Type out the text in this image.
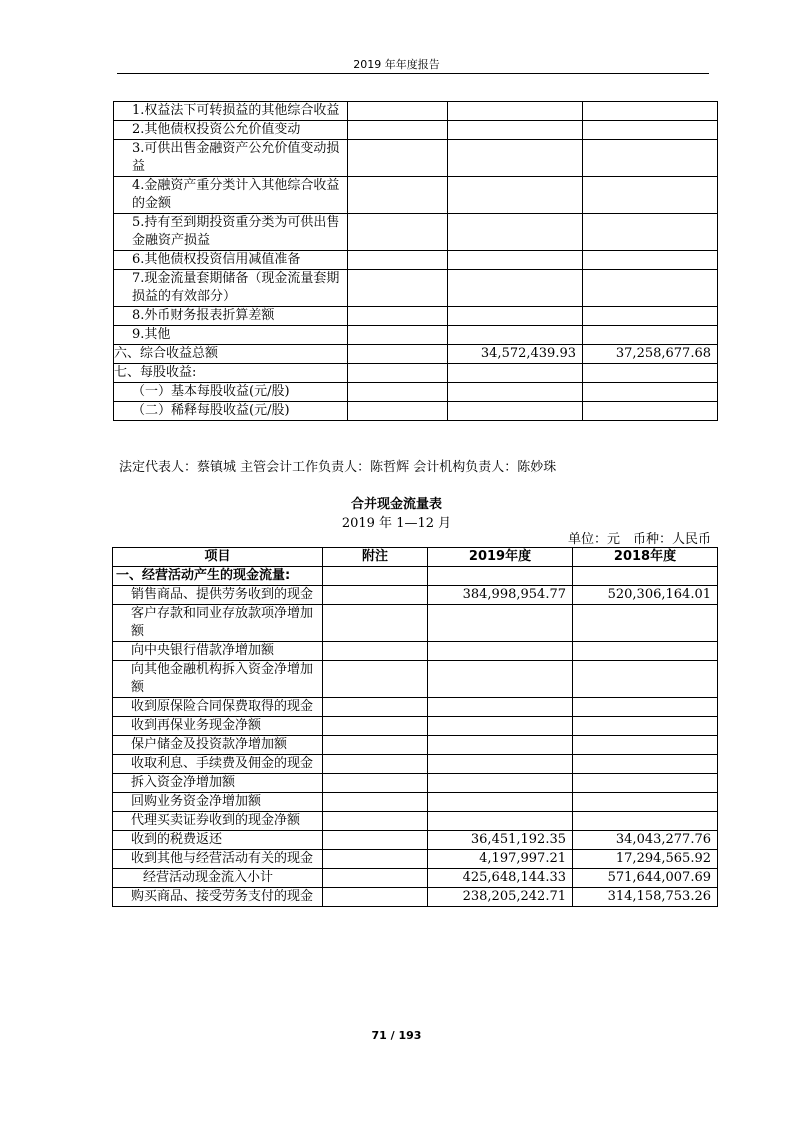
2019 年年度报告
1.权益法下可转损益的其他综合收益			
2.其他债权投资公允价值变动			
3.可供出售金融资产公允价值变动损益			
4.金融资产重分类计入其他综合收益的金额			
5.持有至到期投资重分类为可供出售金融资产损益			
6.其他债权投资信用减值准备			
7.现金流量套期储备（现金流量套期损益的有效部分）			
8.外币财务报表折算差额			
9.其他			
六、综合收益总额		34,572,439.93	37,258,677.68
七、每股收益:			
（一）基本每股收益(元/股)			
（二）稀释每股收益(元/股)			
法定代表人：蔡镇城 主管会计工作负责人：陈哲辉 会计机构负责人：陈妙珠
合并现金流量表
2019 年 1—12 月
单位：元　币种：人民币
项目	附注	2019年度	2018年度
一、经营活动产生的现金流量:			
销售商品、提供劳务收到的现金		384,998,954.77	520,306,164.01
客户存款和同业存放款项净增加额			
向中央银行借款净增加额			
向其他金融机构拆入资金净增加额			
收到原保险合同保费取得的现金			
收到再保业务现金净额			
保户储金及投资款净增加额			
收取利息、手续费及佣金的现金			
拆入资金净增加额			
回购业务资金净增加额			
代理买卖证券收到的现金净额			
收到的税费返还		36,451,192.35	34,043,277.76
收到其他与经营活动有关的现金		4,197,997.21	17,294,565.92
经营活动现金流入小计		425,648,144.33	571,644,007.69
购买商品、接受劳务支付的现金		238,205,242.71	314,158,753.26
71 / 193
